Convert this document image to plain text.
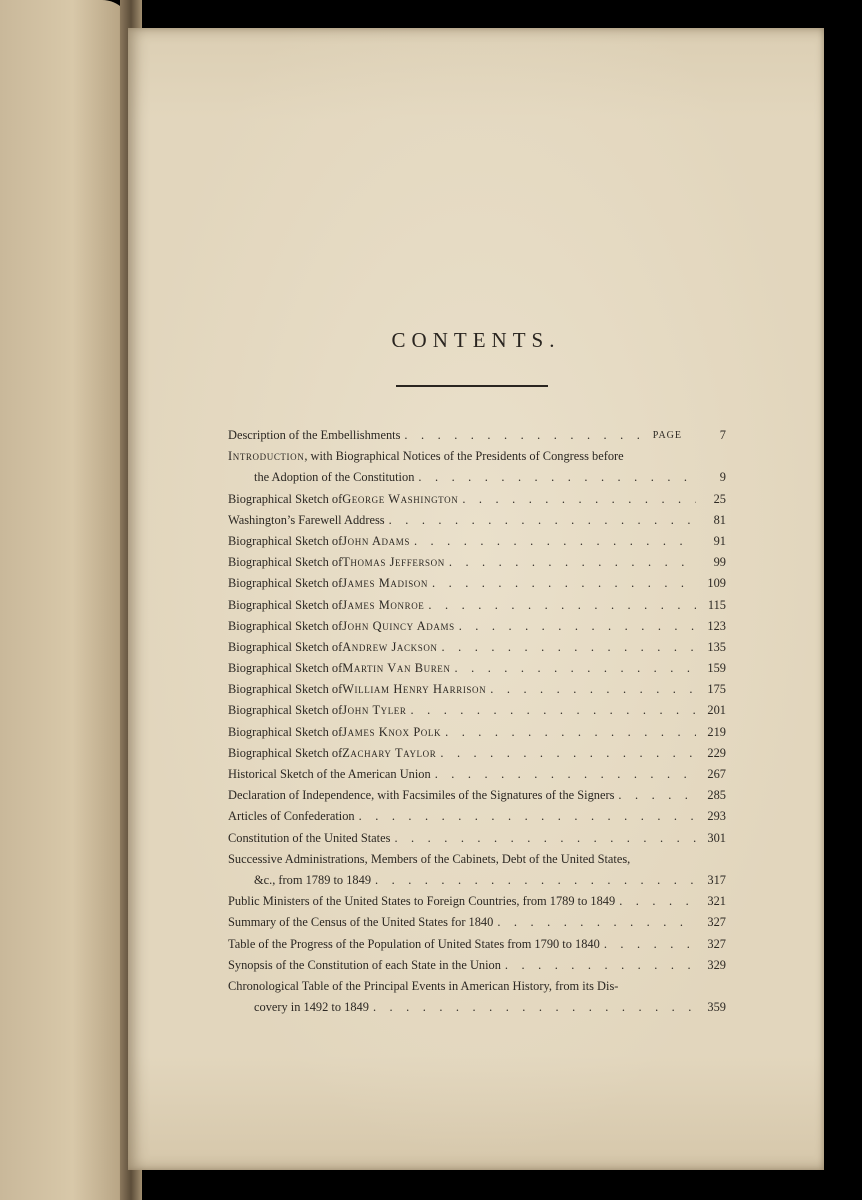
CONTENTS.
Description of the Embellishments . . .	PAGE	7
Introduction , with Biographical Notices of the Presidents of Congress before
the Adoption of the Constitution . . .	9
Biographical Sketch of George Washington . . .	25
Washington’s Farewell Address . . .	81
Biographical Sketch of John Adams . . .	91
Biographical Sketch of Thomas Jefferson . . .	99
Biographical Sketch of James Madison . . .	109
Biographical Sketch of James Monroe . . .	115
Biographical Sketch of John Quincy Adams . . .	123
Biographical Sketch of Andrew Jackson . . .	135
Biographical Sketch of Martin Van Buren . . .	159
Biographical Sketch of William Henry Harrison . . .	175
Biographical Sketch of John Tyler . . .	201
Biographical Sketch of James Knox Polk . . .	219
Biographical Sketch of Zachary Taylor . . .	229
Historical Sketch of the American Union . . .	267
Declaration of Independence, with Facsimiles of the Signatures of the Signers . . .	285
Articles of Confederation . . .	293
Constitution of the United States . . .	301
Successive Administrations, Members of the Cabinets, Debt of the United States,
&c., from 1789 to 1849 . . .	317
Public Ministers of the United States to Foreign Countries, from 1789 to 1849 . . .	321
Summary of the Census of the United States for 1840 . . .	327
Table of the Progress of the Population of United States from 1790 to 1840 . . .	327
Synopsis of the Constitution of each State in the Union . . .	329
Chronological Table of the Principal Events in American History, from its Dis-
covery in 1492 to 1849 . . .	359
